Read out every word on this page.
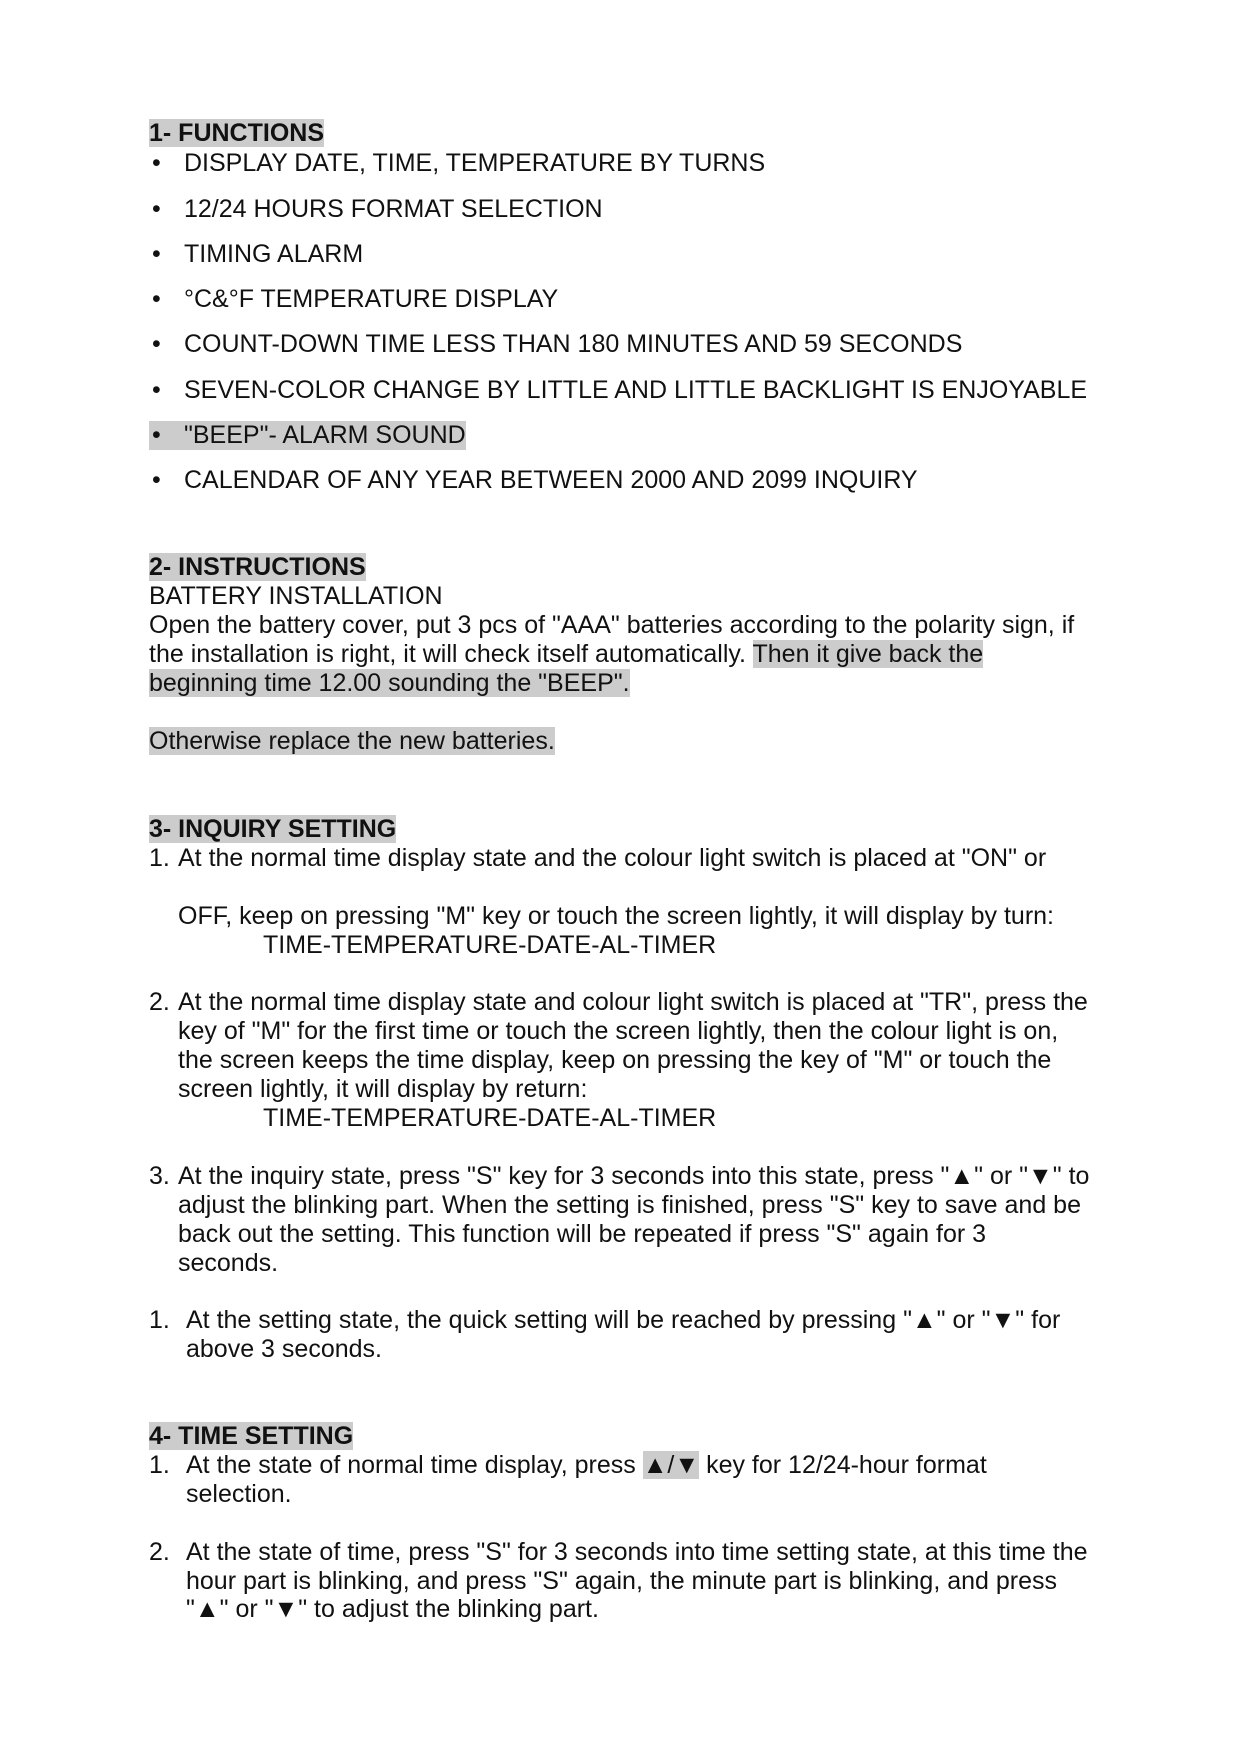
1- FUNCTIONS
•
DISPLAY DATE, TIME, TEMPERATURE BY TURNS
•
12/24 HOURS FORMAT SELECTION
•
TIMING ALARM
•
°C&°F TEMPERATURE DISPLAY
•
COUNT-DOWN TIME LESS THAN 180 MINUTES AND 59 SECONDS
•
SEVEN-COLOR CHANGE BY LITTLE AND LITTLE BACKLIGHT IS ENJOYABLE
•
"BEEP"- ALARM SOUND
•
CALENDAR OF ANY YEAR BETWEEN 2000 AND 2099 INQUIRY
2- INSTRUCTIONS
BATTERY INSTALLATION
Open the battery cover, put 3 pcs of "AAA" batteries according to the polarity sign, if
the installation is right, it will check itself automatically. Then it give back the
beginning time 12.00 sounding the "BEEP".
Otherwise replace the new batteries.
3- INQUIRY SETTING
1. At the normal time display state and the colour light switch is placed at "ON" or
OFF, keep on pressing "M" key or touch the screen lightly, it will display by turn:
TIME-TEMPERATURE-DATE-AL-TIMER
2. At the normal time display state and colour light switch is placed at "TR", press the
key of "M" for the first time or touch the screen lightly, then the colour light is on,
the screen keeps the time display, keep on pressing the key of "M" or touch the
screen lightly, it will display by return:
TIME-TEMPERATURE-DATE-AL-TIMER
3. At the inquiry state, press "S" key for 3 seconds into this state, press "▲" or "▼" to
adjust the blinking part. When the setting is finished, press "S" key to save and be
back out the setting. This function will be repeated if press "S" again for 3
seconds.
1. At the setting state, the quick setting will be reached by pressing "▲" or "▼" for
above 3 seconds.
4- TIME SETTING
1. At the state of normal time display, press ▲/▼ key for 12/24-hour format
selection.
2. At the state of time, press "S" for 3 seconds into time setting state, at this time the
hour part is blinking, and press "S" again, the minute part is blinking, and press
"▲" or "▼" to adjust the blinking part.
